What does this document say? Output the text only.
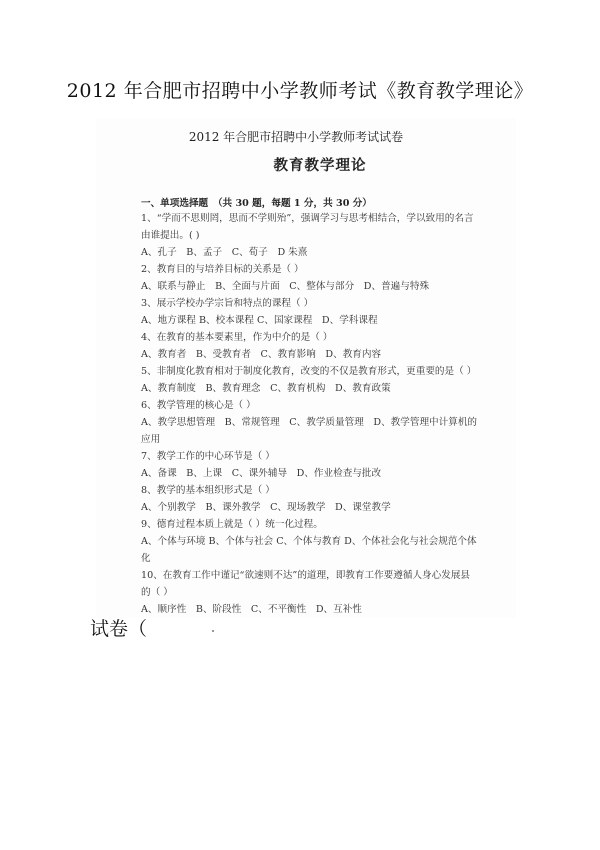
2012 年合肥市招聘中小学教师考试《教育教学理论》
2012 年合肥市招聘中小学教师考试试卷
教育教学理论
一、单项选择题　（共 30 题，每题 1 分，共 30 分）
1、“学而不思则罔，思而不学则殆”，强调学习与思考相结合，学以致用的名言
由谁提出。( )
A、孔子　B、孟子　C、荀子　D 朱熹
2、教育目的与培养目标的关系是（ ）
A、联系与静止　B、全面与片面　C、整体与部分　D、普遍与特殊
3、展示学校办学宗旨和特点的课程（ ）
A、地方课程 B、校本课程 C、国家课程　D、学科课程
4、在教育的基本要素里，作为中介的是（ ）
A、教育者　B、受教育者　C、教育影响　D、教育内容
5、非制度化教育相对于制度化教育，改变的不仅是教育形式，更重要的是（ ）
A、教育制度　B、教育理念　C、教育机构　D、教育政策
6、教学管理的核心是（ ）
A、教学思想管理　B、常规管理　C、教学质量管理　D、教学管理中计算机的
应用
7、教学工作的中心环节是（ ）
A、备课　B、上课　C、课外辅导　D、作业检查与批改
8、教学的基本组织形式是（ ）
A、个别教学　B、课外教学　C、现场教学　D、课堂教学
9、德育过程本质上就是（ ）统一化过程。
A、个体与环境 B、个体与社会 C、个体与教育 D、个体社会化与社会规范个体
化
10、在教育工作中谨记“欲速则不达”的道理，即教育工作要遵循人身心发展县
的（ ）
A、顺序性　B、阶段性　C、不平衡性　D、互补性
试卷（
